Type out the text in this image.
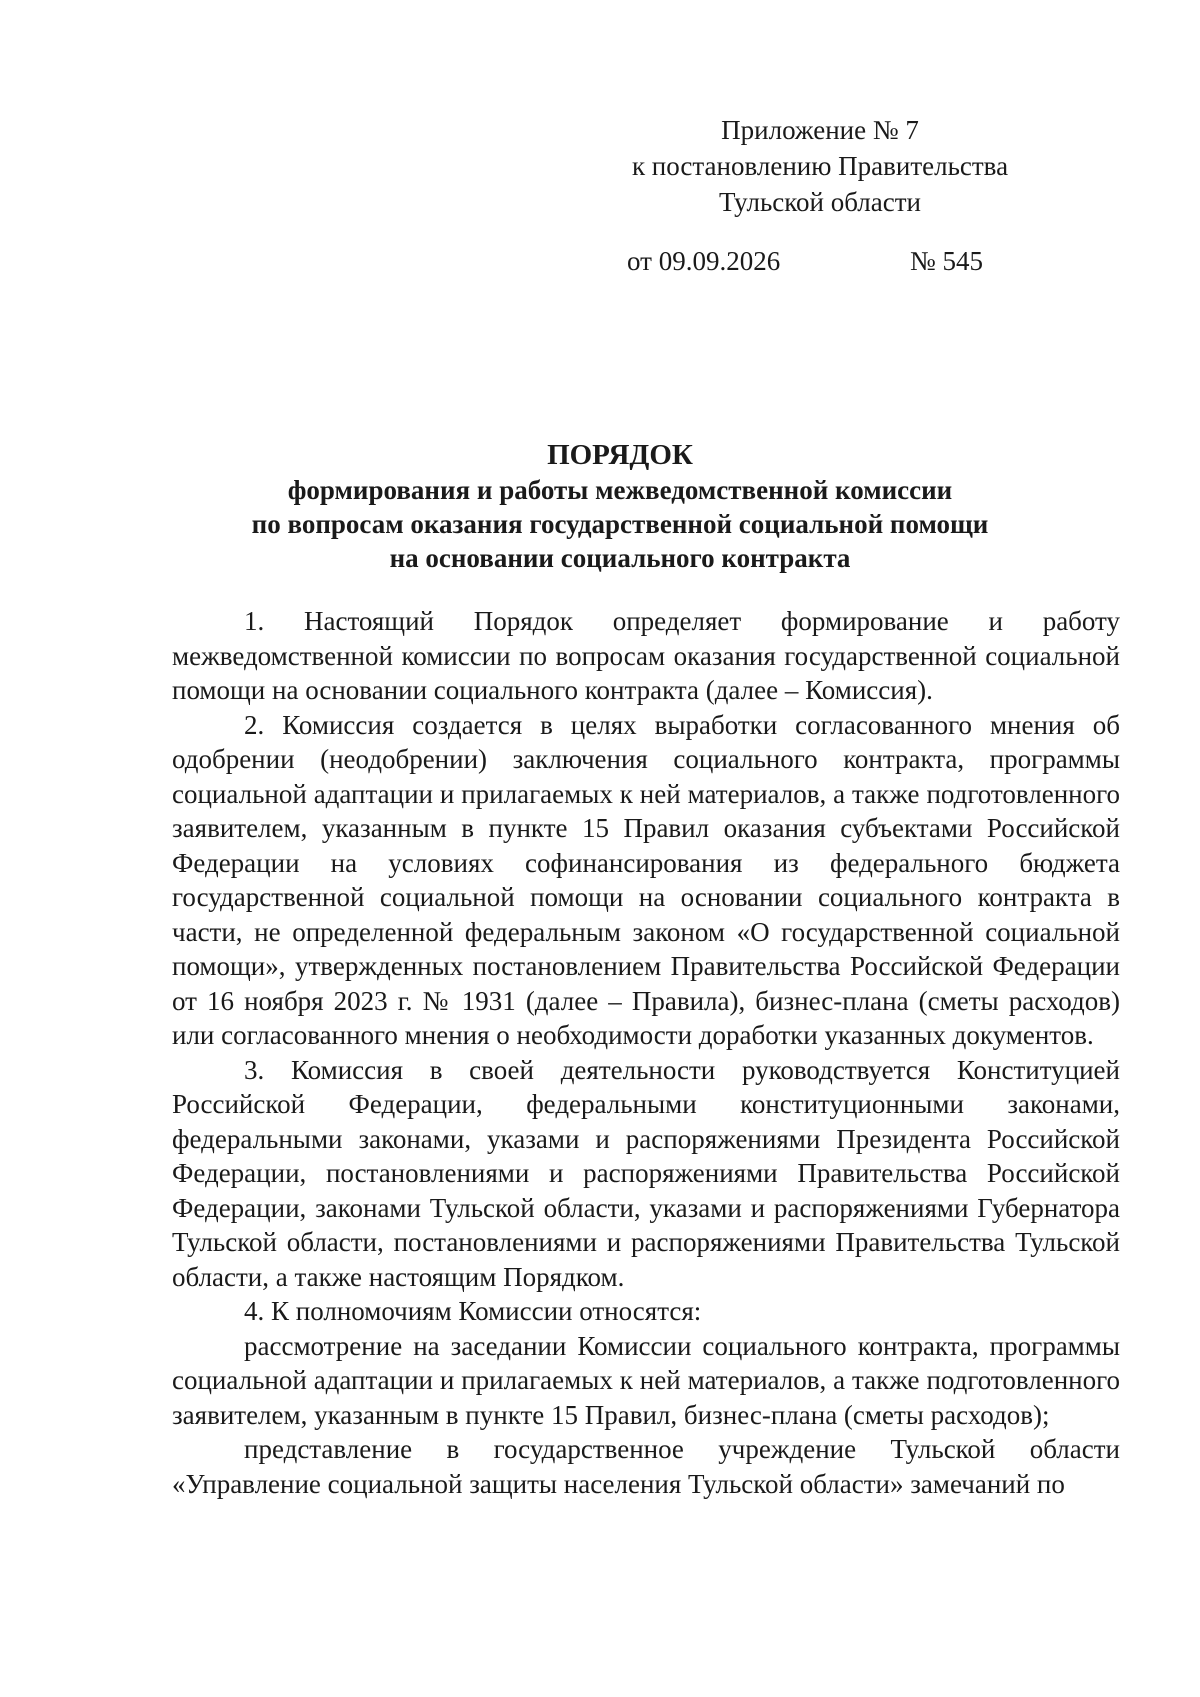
Приложение № 7
к постановлению Правительства
Тульской области
от 09.09.2026	№ 545
ПОРЯДОК
формирования и работы межведомственной комиссии
по вопросам оказания государственной социальной помощи
на основании социального контракта

1. Настоящий Порядок определяет формирование и работу межведомственной комиссии по вопросам оказания государственной социальной помощи на основании социального контракта (далее – Комиссия).

2. Комиссия создается в целях выработки согласованного мнения об одобрении (неодобрении) заключения социального контракта, программы социальной адаптации и прилагаемых к ней материалов, а также подготовленного заявителем, указанным в пункте 15 Правил оказания субъектами Российской Федерации на условиях софинансирования из федерального бюджета государственной социальной помощи на основании социального контракта в части, не определенной федеральным законом «О государственной социальной помощи», утвержденных постановлением Правительства Российской Федерации от 16 ноября 2023 г. № 1931 (далее – Правила), бизнес-плана (сметы расходов) или согласованного мнения о необходимости доработки указанных документов.

3. Комиссия в своей деятельности руководствуется Конституцией Российской Федерации, федеральными конституционными законами, федеральными законами, указами и распоряжениями Президента Российской Федерации, постановлениями и распоряжениями Правительства Российской Федерации, законами Тульской области, указами и распоряжениями Губернатора Тульской области, постановлениями и распоряжениями Правительства Тульской области, а также настоящим Порядком.

4. К полномочиям Комиссии относятся:

рассмотрение на заседании Комиссии социального контракта, программы социальной адаптации и прилагаемых к ней материалов, а также подготовленного заявителем, указанным в пункте 15 Правил, бизнес-плана (сметы расходов);

представление в государственное учреждение Тульской области «Управление социальной защиты населения Тульской области» замечаний по
